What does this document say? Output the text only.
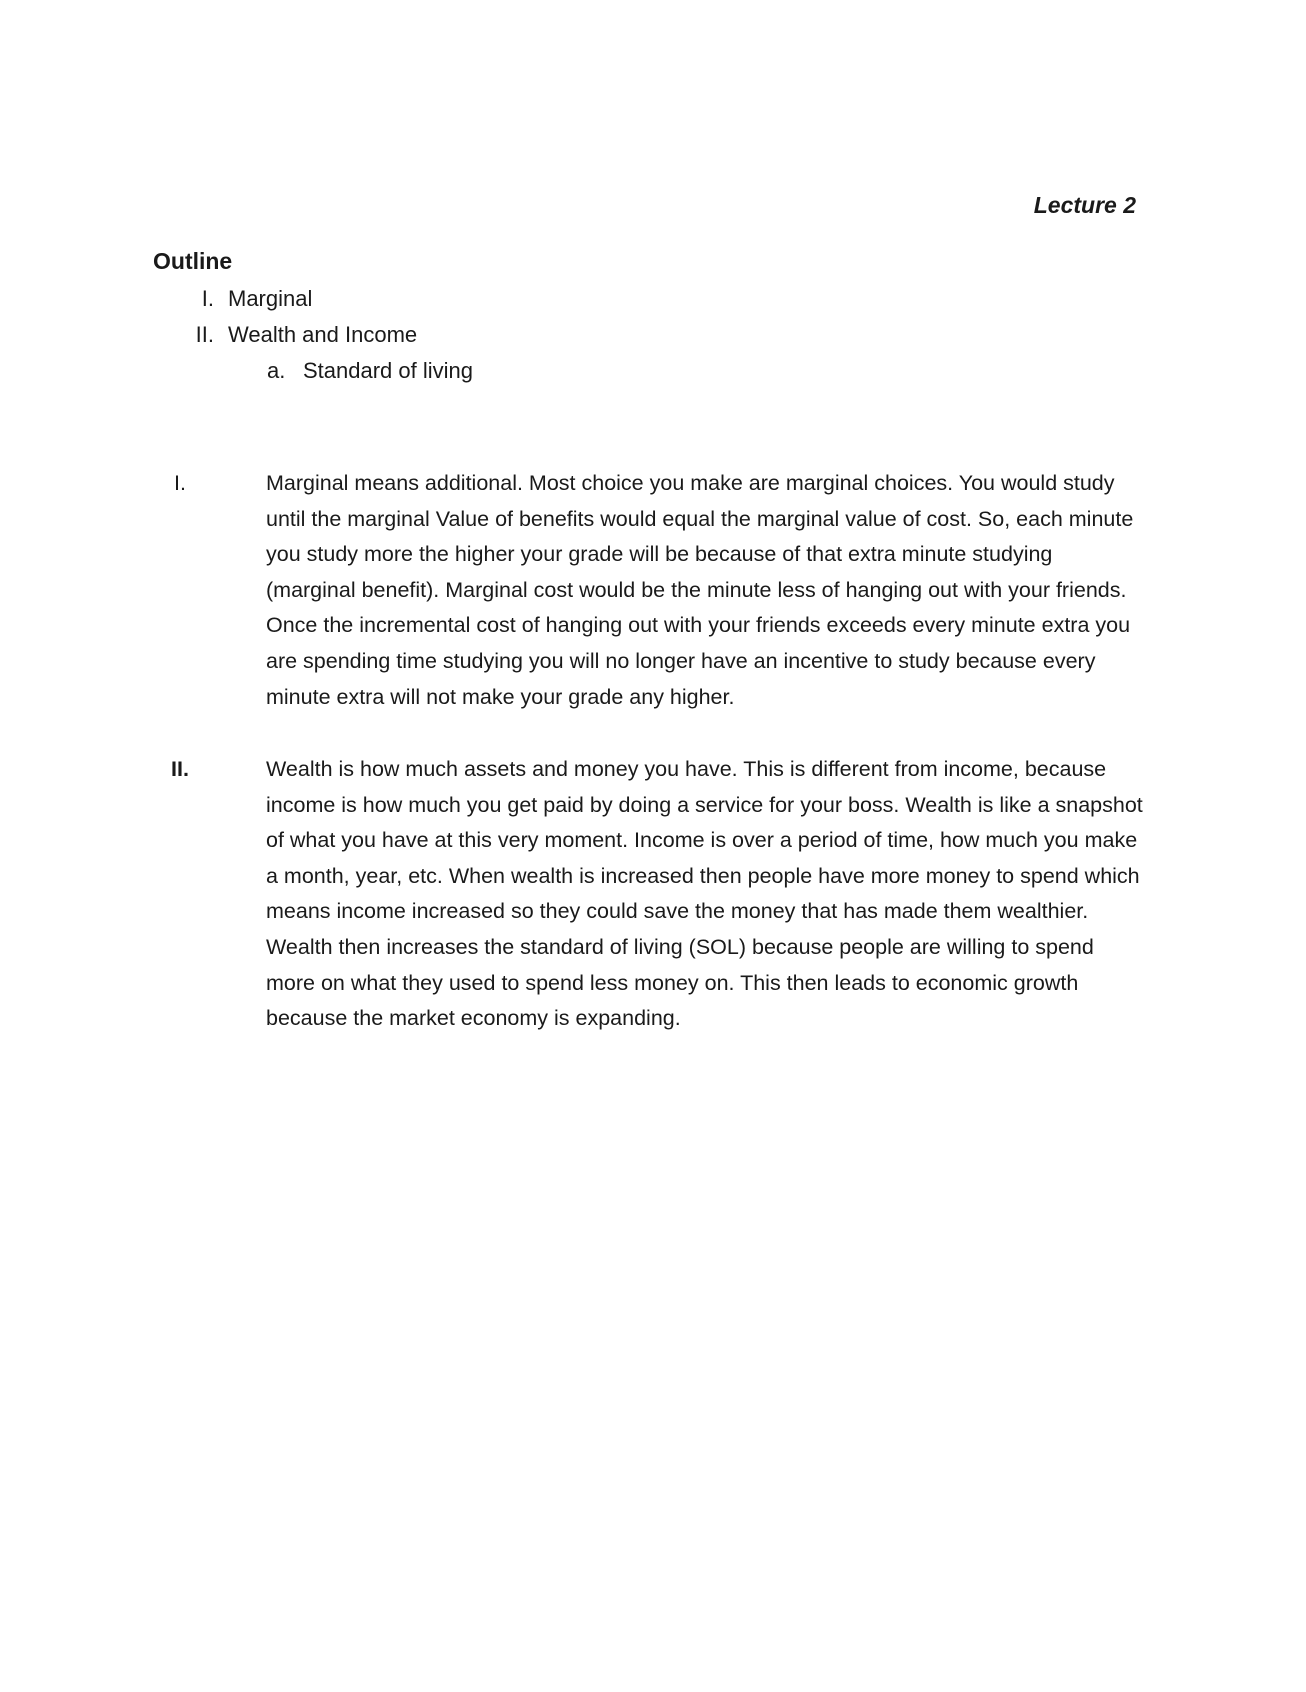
Lecture 2
Outline
I. Marginal
II. Wealth and Income
a. Standard of living
I.	Marginal means additional. Most choice you make are marginal choices. You would study until the marginal Value of benefits would equal the marginal value of cost. So, each minute you study more the higher your grade will be because of that extra minute studying (marginal benefit). Marginal cost would be the minute less of hanging out with your friends. Once the incremental cost of hanging out with your friends exceeds every minute extra you are spending time studying you will no longer have an incentive to study because every minute extra will not make your grade any higher.
II.	Wealth is how much assets and money you have. This is different from income, because income is how much you get paid by doing a service for your boss. Wealth is like a snapshot of what you have at this very moment. Income is over a period of time, how much you make a month, year, etc. When wealth is increased then people have more money to spend which means income increased so they could save the money that has made them wealthier. Wealth then increases the standard of living (SOL) because people are willing to spend more on what they used to spend less money on. This then leads to economic growth because the market economy is expanding.
